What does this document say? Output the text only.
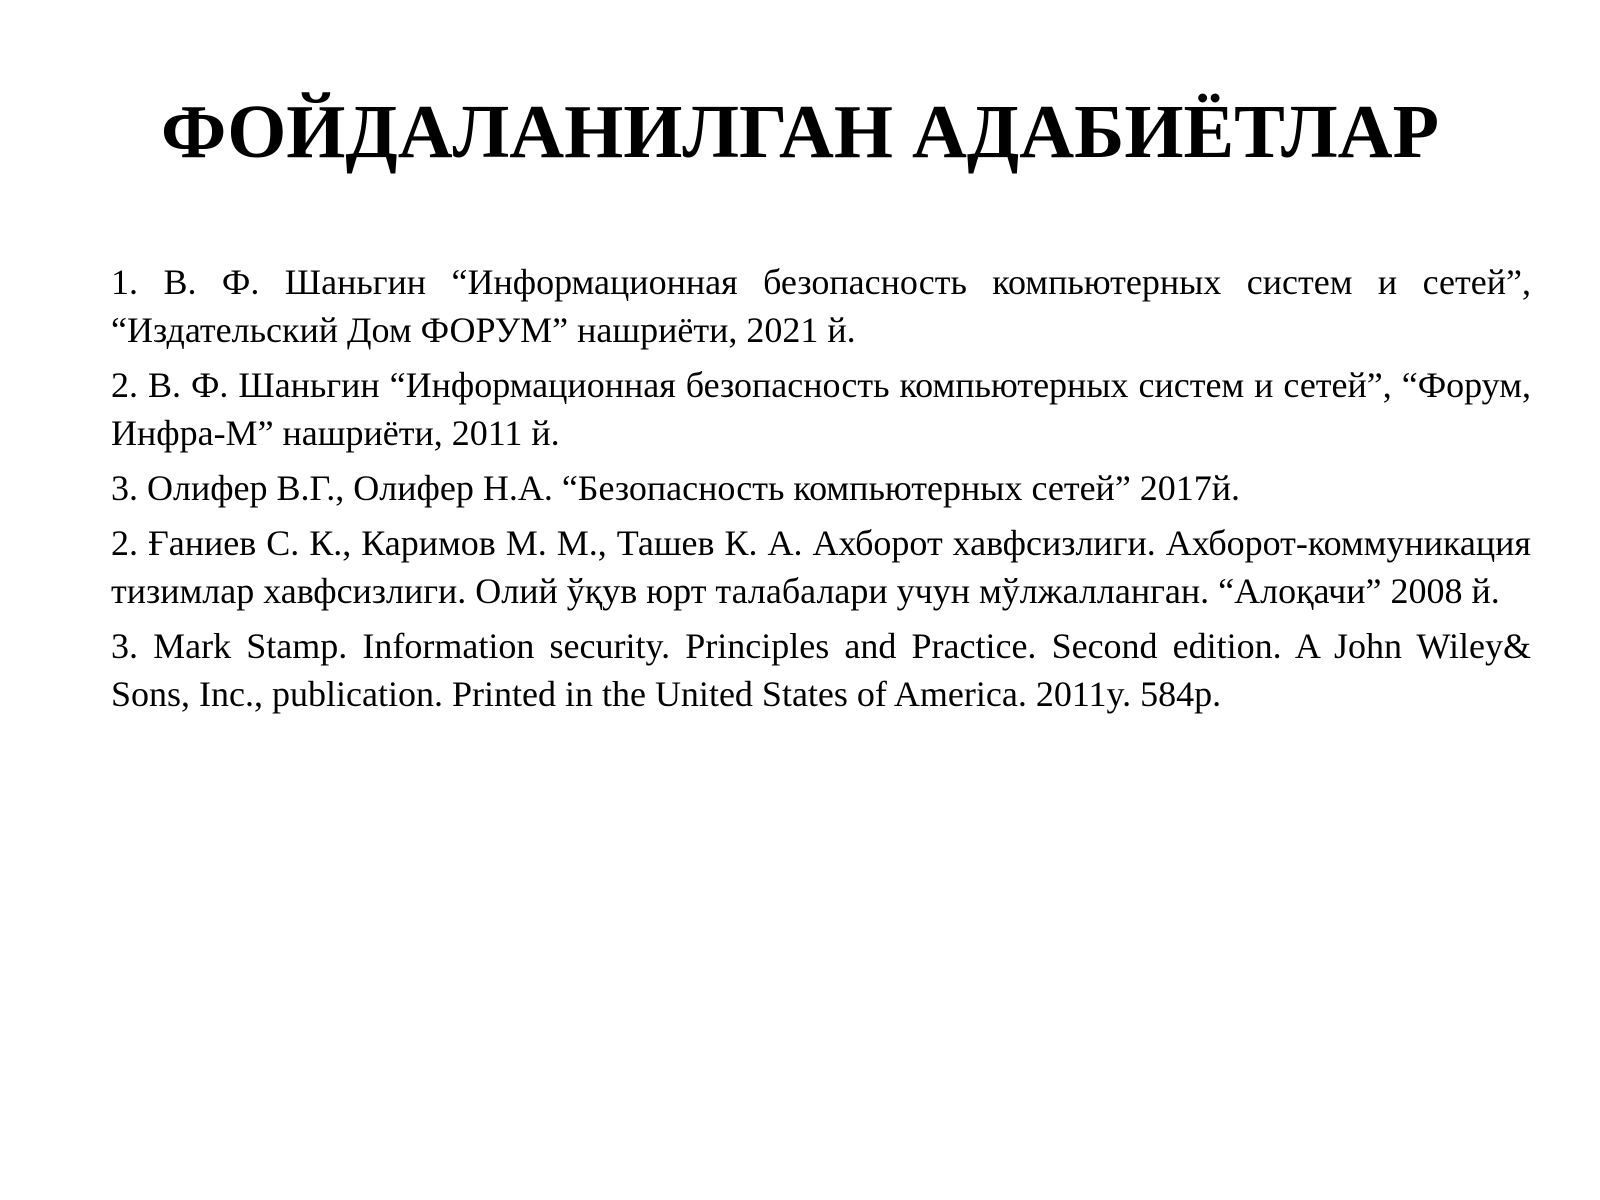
ФОЙДАЛАНИЛГАН АДАБИЁТЛАР
1. В. Ф. Шаньгин “Информационная безопасность компьютерных систем и сетей”, “Издательский Дом ФОРУМ” нашриёти, 2021 й.
2. В. Ф. Шаньгин “Информационная безопасность компьютерных систем и сетей”, “Форум, Инфра-М” нашриёти, 2011 й.
3. Олифер В.Г., Олифер Н.А. “Безопасность компьютерных сетей” 2017й.
2. Ғаниев С. К., Каримов М. М., Ташев К. А. Ахборот хавфсизлиги. Ахборот-коммуникация тизимлар хавфсизлиги. Олий ўқув юрт талабалари учун мўлжалланган. “Алоқачи” 2008 й.
3. Mark Stamp. Information security. Principles and Practice. Second edition. A John Wiley& Sons, Inc., publication. Printed in the United States of America. 2011y. 584p.
